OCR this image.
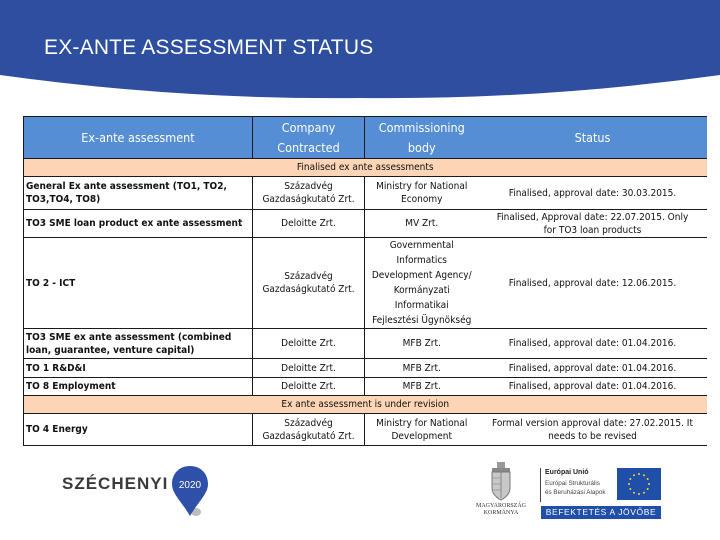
EX-ANTE ASSESSMENT STATUS
Ex-ante assessment	Company Contracted	Commissioning body	Status
Finalised ex ante assessments			
General Ex ante assessment (TO1, TO2, TO3,TO4, TO8)	Századvég Gazdaságkutató Zrt.	Ministry for National Economy	Finalised, approval date: 30.03.2015.
TO3 SME loan product ex ante assessment	Deloitte Zrt.	MV Zrt.	Finalised, Approval date: 22.07.2015. Only for TO3 loan products
TO 2 - ICT	Századvég Gazdaságkutató Zrt.	Governmental Informatics Development Agency/ Kormányzati Informatikai Fejlesztési Ügynökség	Finalised, approval date: 12.06.2015.
TO3 SME ex ante assessment (combined loan, guarantee, venture capital)	Deloitte Zrt.	MFB Zrt.	Finalised, approval date: 01.04.2016.
TO 1 R&D&I	Deloitte Zrt.	MFB Zrt.	Finalised, approval date: 01.04.2016.
TO 8 Employment	Deloitte Zrt.	MFB Zrt.	Finalised, approval date: 01.04.2016.
Ex ante assessment is under revision			
TO 4 Energy	Századvég Gazdaságkutató Zrt.	Ministry for National Development	Formal version approval date: 27.02.2015. It needs to be revised
SZÉCHENYI 2020
MAGYARORSZÁG KORMÁNYA
Európai Unió
Európai Strukturális
és Beruházási Alapok
BEFEKTETÉS A JÖVŐBE
